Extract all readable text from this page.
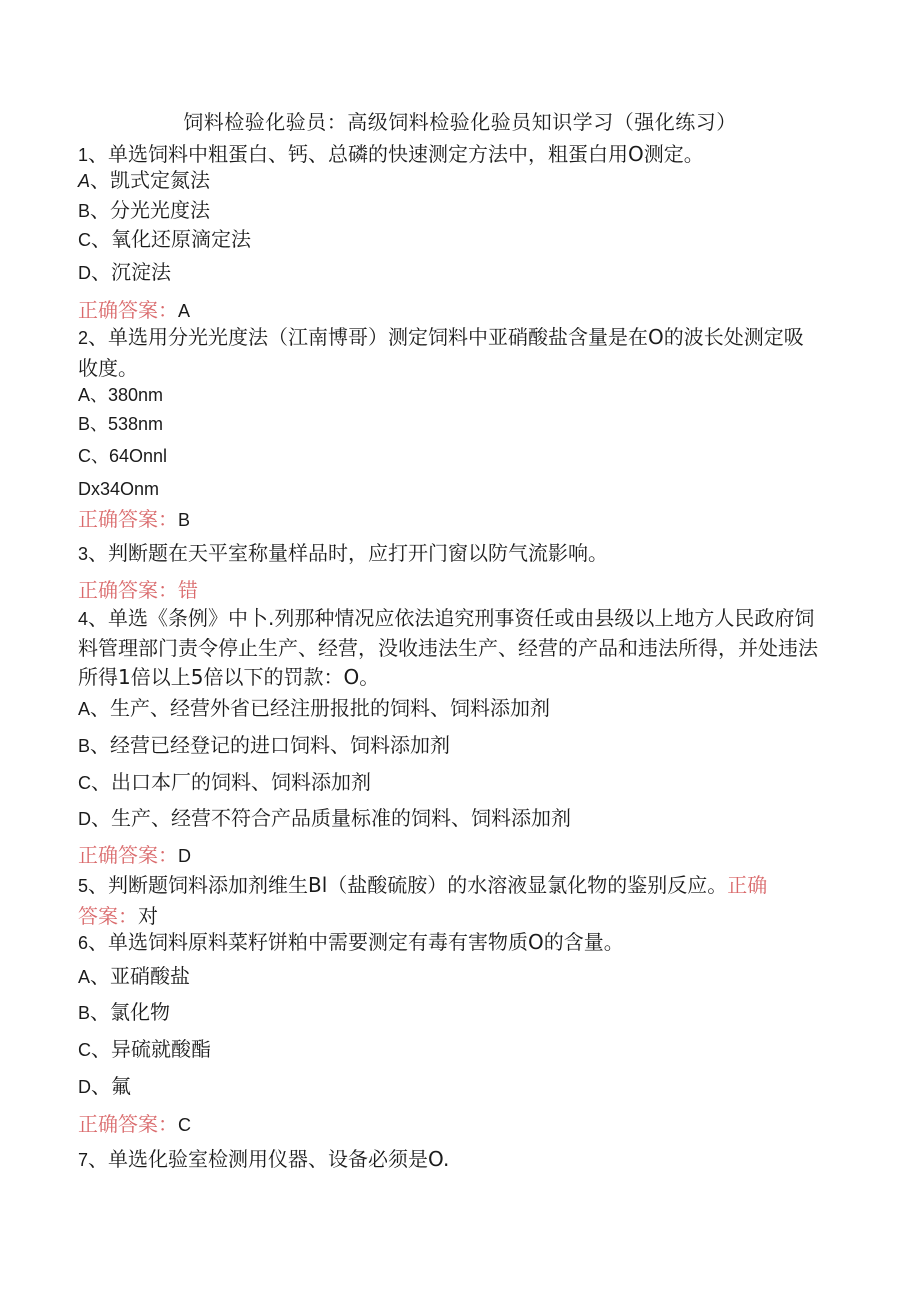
饲料检验化验员：高级饲料检验化验员知识学习（强化练习）
1、单选饲料中粗蛋白、钙、总磷的快速测定方法中，粗蛋白用O测定。
A、凯式定氮法
B、分光光度法
C、氧化还原滴定法
D、沉淀法
正确答案：A
2、单选用分光光度法（江南博哥）测定饲料中亚硝酸盐含量是在O的波长处测定吸收度。
A、380nm
B、538nm
C、64Onnl
Dx34Onm
正确答案：B
3、判断题在天平室称量样品时，应打开门窗以防气流影响。
正确答案：错
4、单选《条例》中卜.列那种情况应依法追究刑事资任或由县级以上地方人民政府饲料管理部门责令停止生产、经营，没收违法生产、经营的产品和违法所得，并处违法所得1倍以上5倍以下的罚款：O。
A、生产、经营外省已经注册报批的饲料、饲料添加剂
B、经营已经登记的进口饲料、饲料添加剂
C、出口本厂的饲料、饲料添加剂
D、生产、经营不符合产品质量标准的饲料、饲料添加剂
正确答案：D
5、判断题饲料添加剂维生Bl（盐酸硫胺）的水溶液显氯化物的鉴别反应。正确
答案：对
6、单选饲料原料菜籽饼粕中需要测定有毒有害物质O的含量。
A、亚硝酸盐
B、氯化物
C、异硫就酸酯
D、氟
正确答案：C
7、单选化验室检测用仪器、设备必须是O.
